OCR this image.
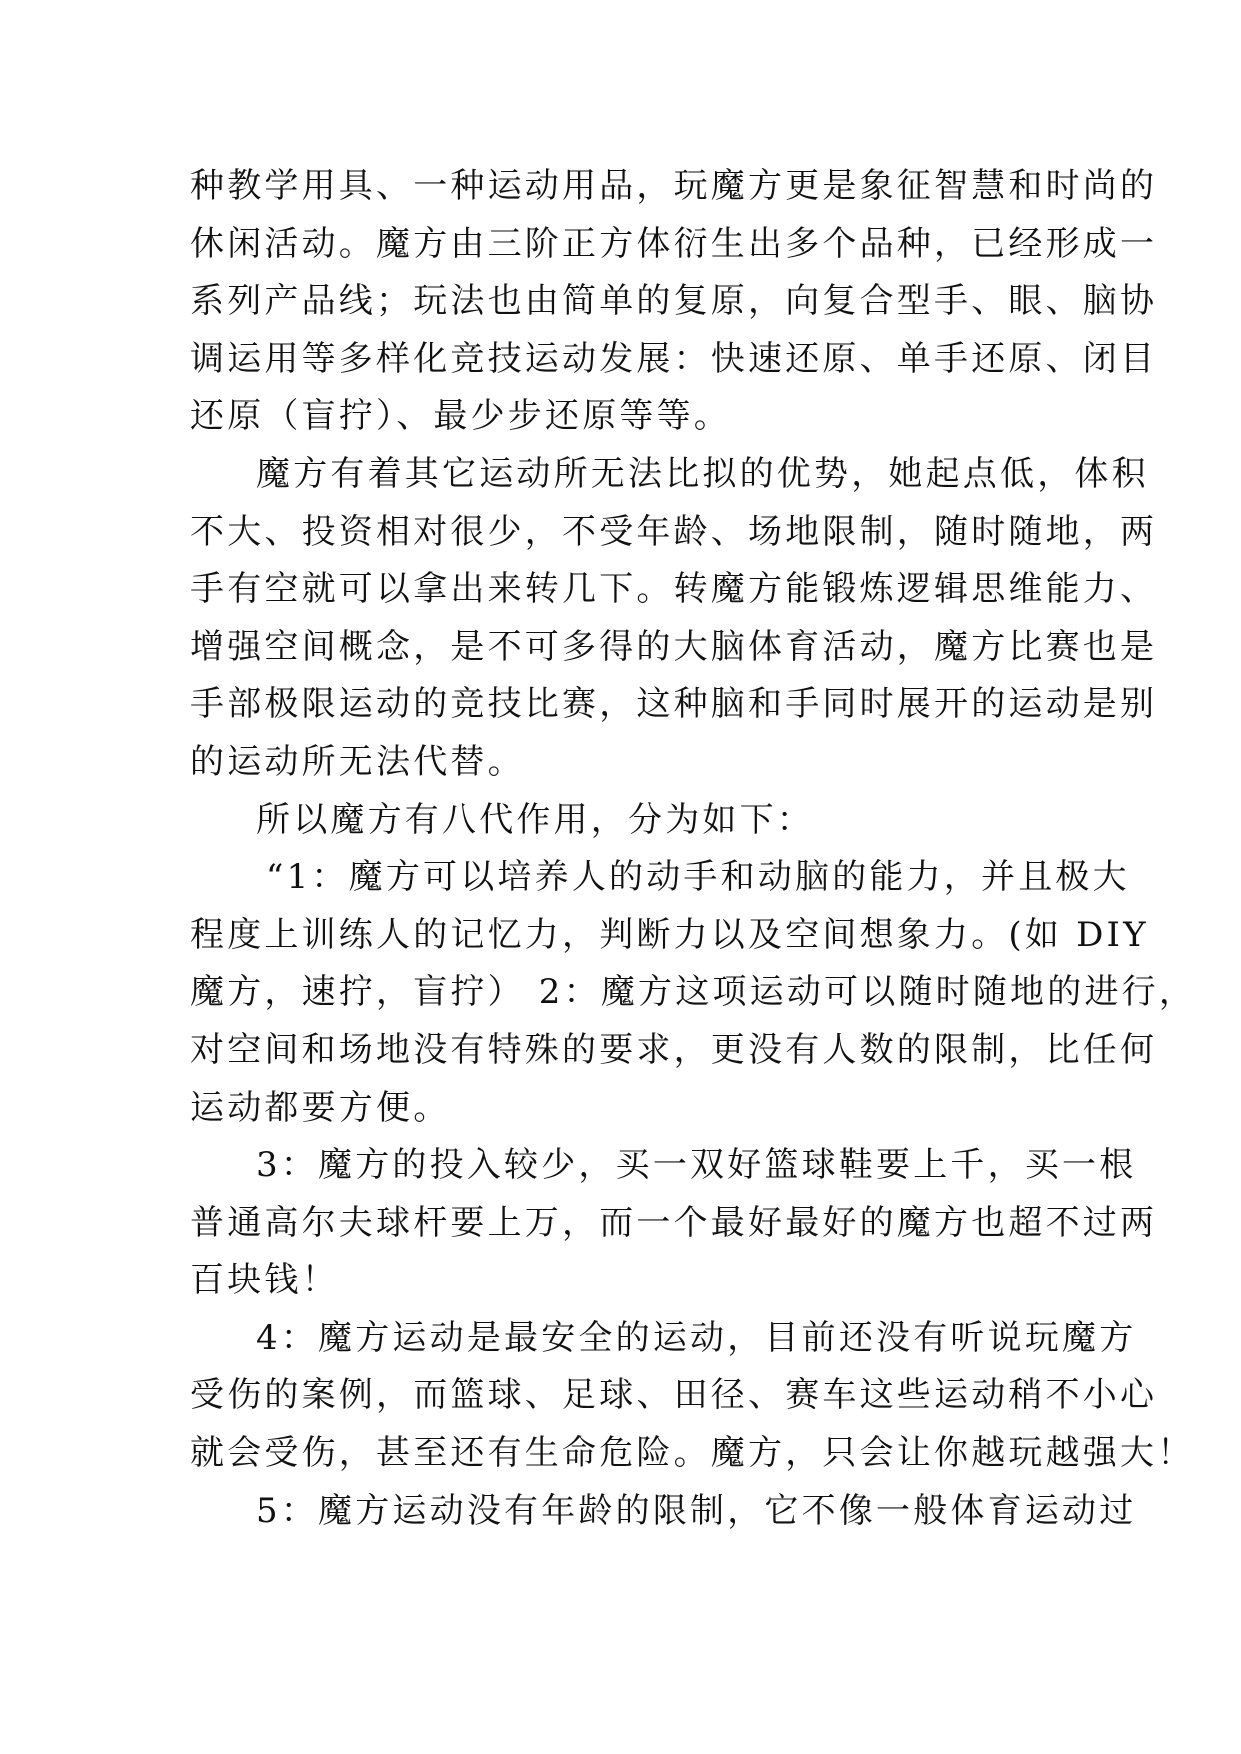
种教学用具、一种运动用品，玩魔方更是象征智慧和时尚的
休闲活动。魔方由三阶正方体衍生出多个品种，已经形成一
系列产品线；玩法也由简单的复原，向复合型手、眼、脑协
调运用等多样化竞技运动发展：快速还原、单手还原、闭目
还原（盲拧）、最少步还原等等。
魔方有着其它运动所无法比拟的优势，她起点低，体积
不大、投资相对很少，不受年龄、场地限制，随时随地，两
手有空就可以拿出来转几下。转魔方能锻炼逻辑思维能力、
增强空间概念，是不可多得的大脑体育活动，魔方比赛也是
手部极限运动的竞技比赛，这种脑和手同时展开的运动是别
的运动所无法代替。
所以魔方有八代作用，分为如下：
“1：魔方可以培养人的动手和动脑的能力，并且极大
程度上训练人的记忆力，判断力以及空间想象力。(如 DIY
魔方，速拧，盲拧） 2：魔方这项运动可以随时随地的进行，
对空间和场地没有特殊的要求，更没有人数的限制，比任何
运动都要方便。
3：魔方的投入较少，买一双好篮球鞋要上千，买一根
普通高尔夫球杆要上万，而一个最好最好的魔方也超不过两
百块钱！
4：魔方运动是最安全的运动，目前还没有听说玩魔方
受伤的案例，而篮球、足球、田径、赛车这些运动稍不小心
就会受伤，甚至还有生命危险。魔方，只会让你越玩越强大！
5：魔方运动没有年龄的限制，它不像一般体育运动过
